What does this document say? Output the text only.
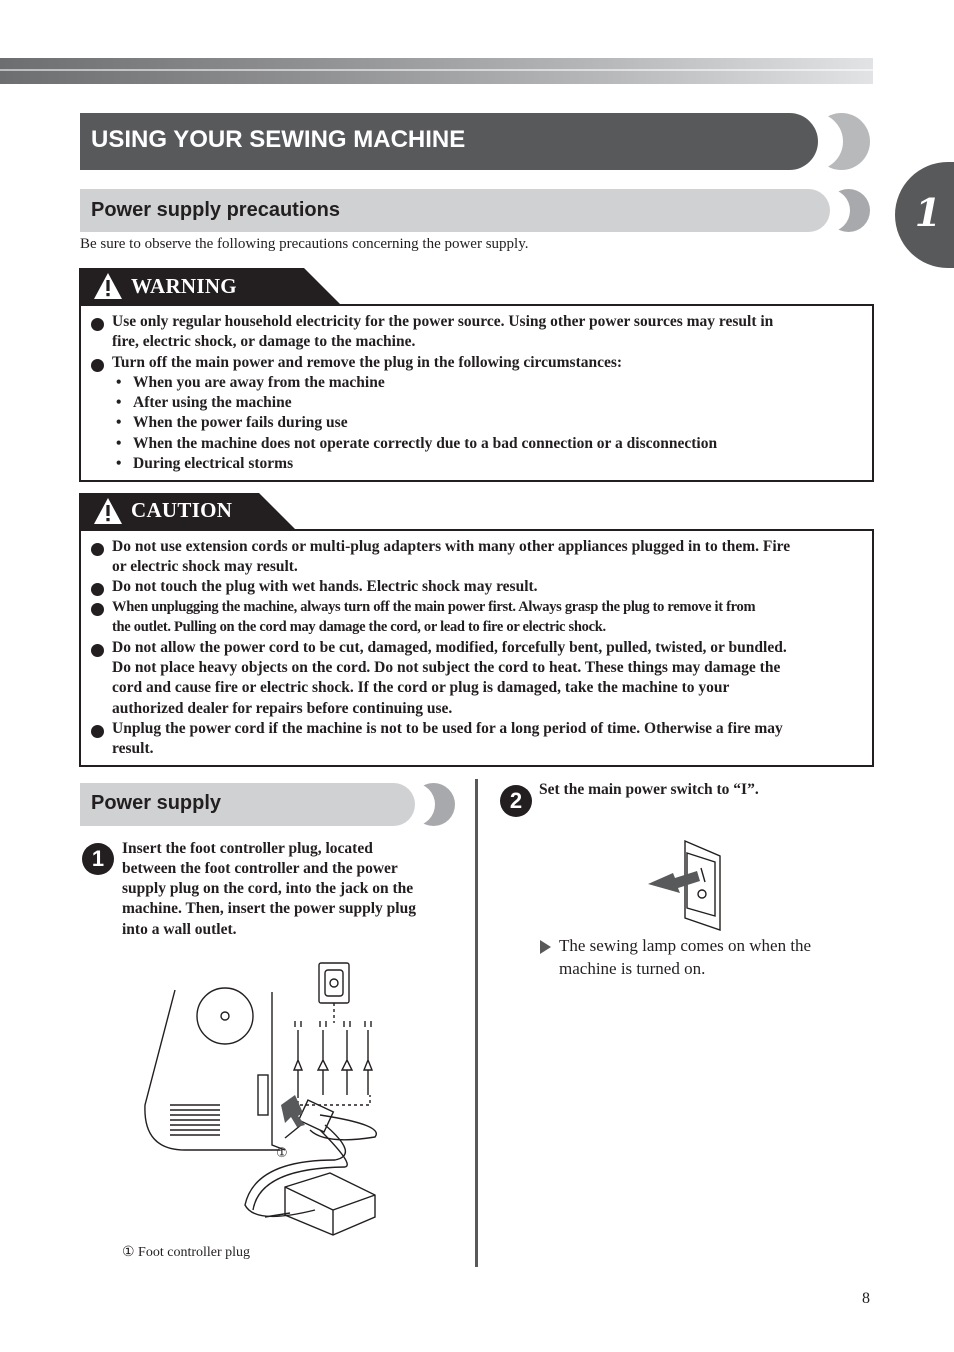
1
USING YOUR SEWING MACHINE
Power supply precautions
Be sure to observe the following precautions concerning the power supply.
WARNING
Use only regular household electricity for the power source. Using other power sources may result in
fire, electric shock, or damage to the machine.
Turn off the main power and remove the plug in the following circumstances:
• When you are away from the machine
• After using the machine
• When the power fails during use
• When the machine does not operate correctly due to a bad connection or a disconnection
• During electrical storms
CAUTION
Do not use extension cords or multi-plug adapters with many other appliances plugged in to them. Fire
or electric shock may result.
Do not touch the plug with wet hands. Electric shock may result.
When unplugging the machine, always turn off the main power first. Always grasp the plug to remove it from
the outlet. Pulling on the cord may damage the cord, or lead to fire or electric shock.
Do not allow the power cord to be cut, damaged, modified, forcefully bent, pulled, twisted, or bundled.
Do not place heavy objects on the cord. Do not subject the cord to heat. These things may damage the
cord and cause fire or electric shock. If the cord or plug is damaged, take the machine to your
authorized dealer for repairs before continuing use.
Unplug the power cord if the machine is not to be used for a long period of time. Otherwise a fire may
result.
Power supply
1	Insert the foot controller plug, located
between the foot controller and the power
supply plug on the cord, into the jack on the
machine. Then, insert the power supply plug
into a wall outlet.
①
① Foot controller plug
2	Set the main power switch to “I”.
I
O
The sewing lamp comes on when the
machine is turned on.
8
